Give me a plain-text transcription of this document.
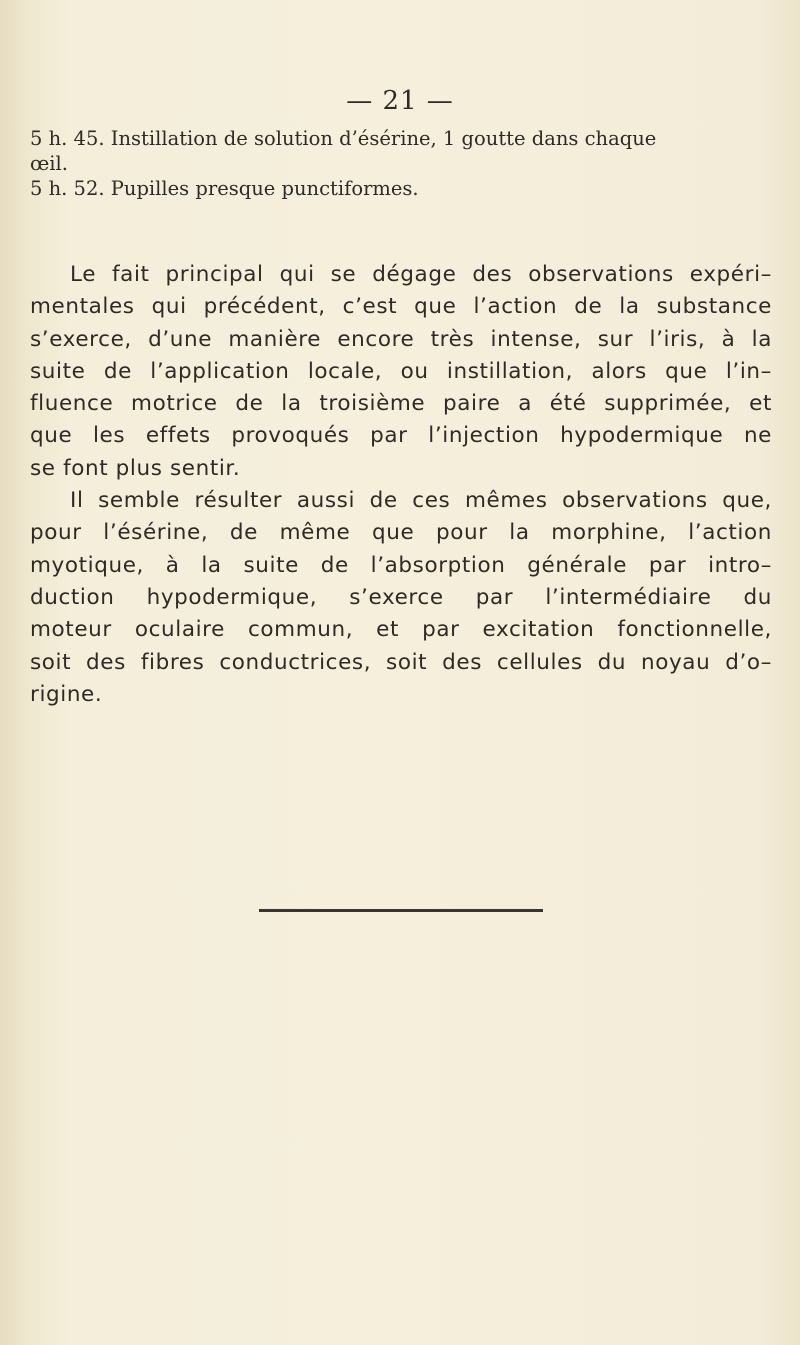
— 21 —
5 h. 45. Instillation de solution d’ésérine, 1 goutte dans chaque
œil.
5 h. 52. Pupilles presque punctiformes.
Le fait principal qui se dégage des observations expéri–
mentales qui précédent, c’est que l’action de la substance
s’exerce, d’une manière encore très intense, sur l’iris, à la
suite de l’application locale, ou instillation, alors que l’in–
fluence motrice de la troisième paire a été supprimée, et
que les effets provoqués par l’injection hypodermique ne
se font plus sentir.
Il semble résulter aussi de ces mêmes observations que,
pour l’ésérine, de même que pour la morphine, l’action
myotique, à la suite de l’absorption générale par intro–
duction hypodermique, s’exerce par l’intermédiaire du
moteur oculaire commun, et par excitation fonctionnelle,
soit des fibres conductrices, soit des cellules du noyau d’o–
rigine.
